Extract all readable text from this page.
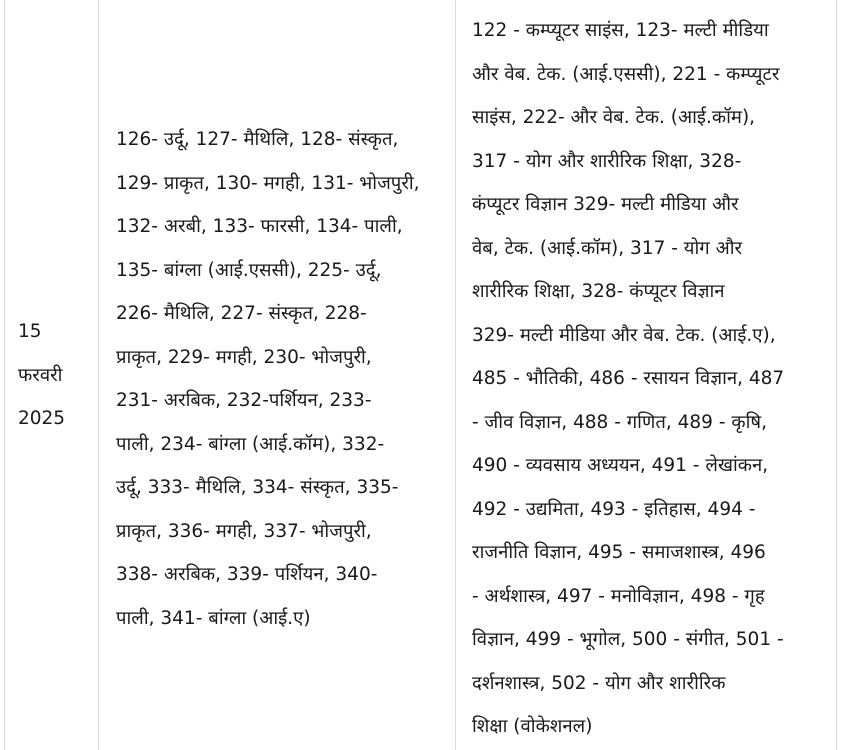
15

फरवरी

2025

126- उर्दू, 127- मैथिलि, 128- संस्कृत,

129- प्राकृत, 130- मगही, 131- भोजपुरी,

132- अरबी, 133- फारसी, 134- पाली,

135- बांग्ला (आई.एससी), 225- उर्दू,

226- मैथिलि, 227- संस्कृत, 228-

प्राकृत, 229- मगही, 230- भोजपुरी,

231- अरबिक, 232-पर्शियन, 233-

पाली, 234- बांग्ला (आई.कॉम), 332-

उर्दू, 333- मैथिलि, 334- संस्कृत, 335-

प्राकृत, 336- मगही, 337- भोजपुरी,

338- अरबिक, 339- पर्शियन, 340-

पाली, 341- बांग्ला (आई.ए)

122 - कम्प्यूटर साइंस, 123- मल्टी मीडिया

और वेब. टेक. (आई.एससी), 221 - कम्प्यूटर

साइंस, 222- और वेब. टेक. (आई.कॉम),

317 - योग और शारीरिक शिक्षा, 328-

कंप्यूटर विज्ञान 329- मल्टी मीडिया और

वेब, टेक. (आई.कॉम), 317 - योग और

शारीरिक शिक्षा, 328- कंप्यूटर विज्ञान

329- मल्टी मीडिया और वेब. टेक. (आई.ए),

485 - भौतिकी, 486 - रसायन विज्ञान, 487

- जीव विज्ञान, 488 - गणित, 489 - कृषि,

490 - व्यवसाय अध्ययन, 491 - लेखांकन,

492 - उद्यमिता, 493 - इतिहास, 494 -

राजनीति विज्ञान, 495 - समाजशास्त्र, 496

- अर्थशास्त्र, 497 - मनोविज्ञान, 498 - गृह

विज्ञान, 499 - भूगोल, 500 - संगीत, 501 -

दर्शनशास्त्र, 502 - योग और शारीरिक

शिक्षा (वोकेशनल)
